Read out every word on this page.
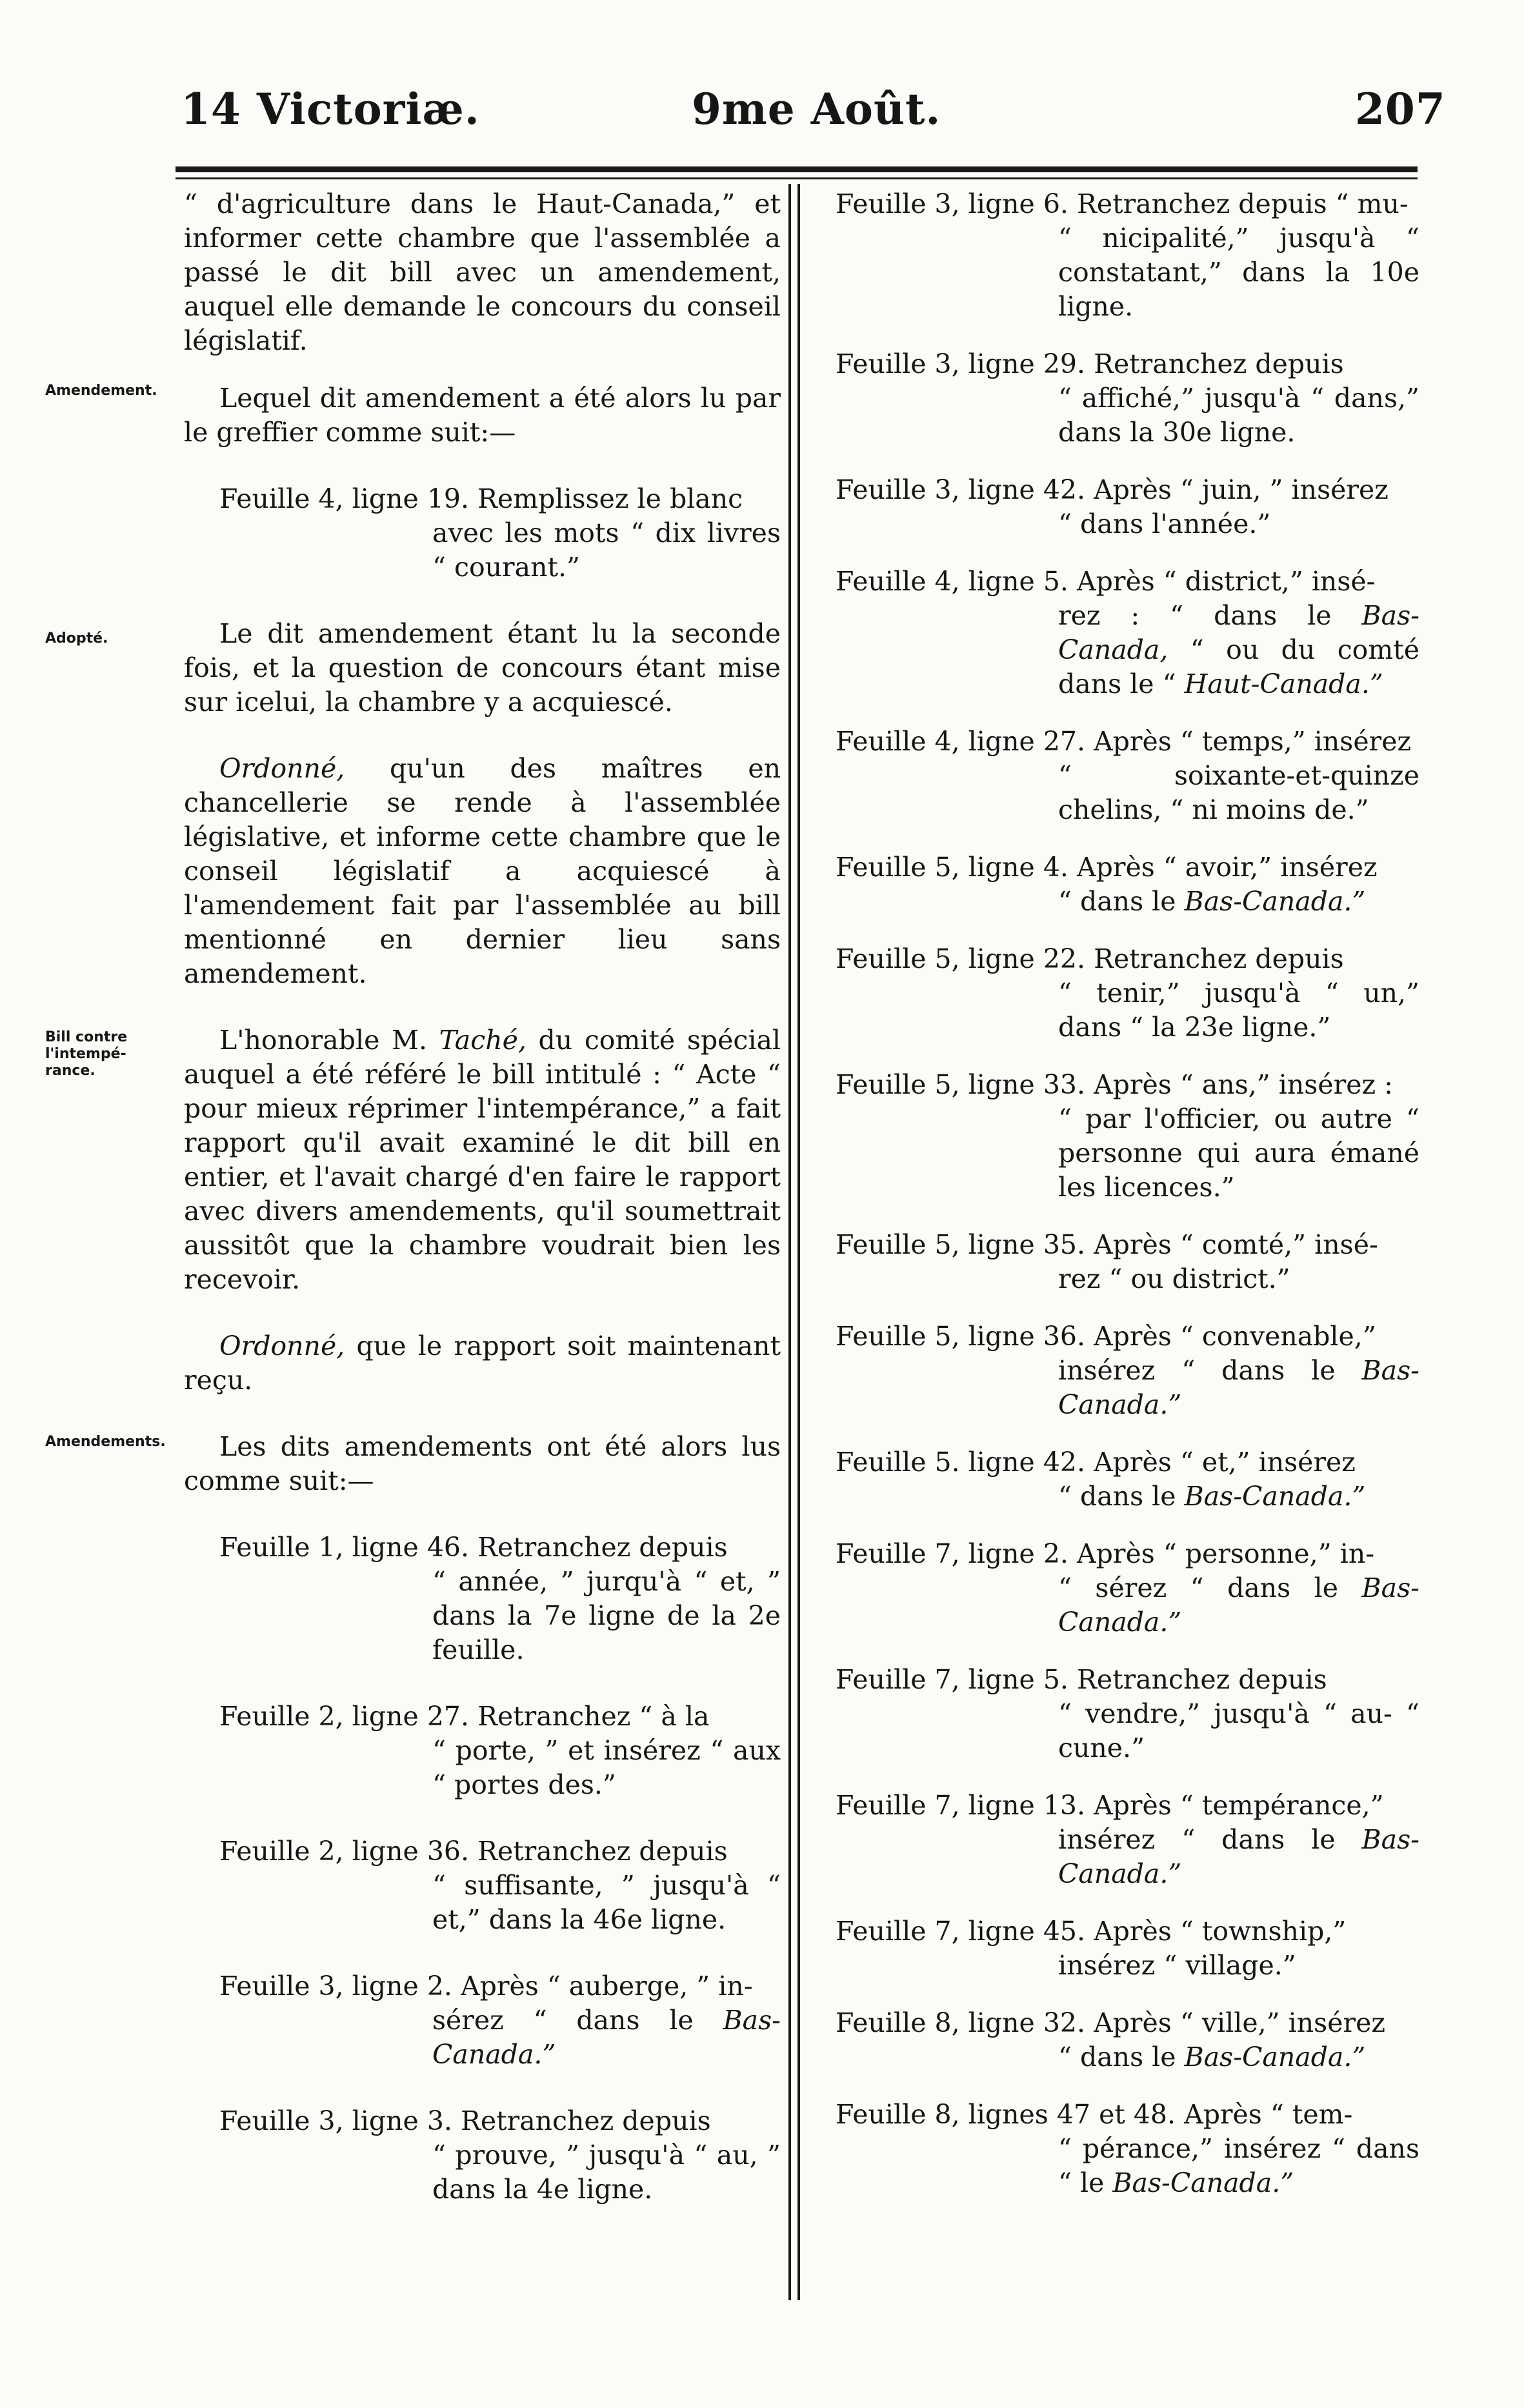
14 Victoriæ.	9me Août.	207
Amendement.
Adopté.
Bill contre l'intempé-rance.
Amendements.

“ d'agriculture dans le Haut-Canada,” et informer cette chambre que l'assemblée a passé le dit bill avec un amendement, auquel elle demande le concours du conseil législatif.

Lequel dit amendement a été alors lu par le greffier comme suit:—

Feuille 4, ligne 19. Remplissez le blanc
avec les mots “ dix livres “ courant.”

Le dit amendement étant lu la seconde fois, et la question de concours étant mise sur icelui, la chambre y a acquiescé.

Ordonné, qu'un des maîtres en chancellerie se rende à l'assemblée législative, et informe cette chambre que le conseil législatif a acquiescé à l'amendement fait par l'assemblée au bill mentionné en dernier lieu sans amendement.

L'honorable M. Taché, du comité spécial auquel a été référé le bill intitulé : “ Acte “ pour mieux réprimer l'intempérance,” a fait rapport qu'il avait examiné le dit bill en entier, et l'avait chargé d'en faire le rapport avec divers amendements, qu'il soumettrait aussitôt que la chambre voudrait bien les recevoir.

Ordonné, que le rapport soit maintenant reçu.

Les dits amendements ont été alors lus comme suit:—

Feuille 1, ligne 46. Retranchez depuis
“ année, ” jurqu'à “ et, ” dans la 7e ligne de la 2e feuille.
Feuille 2, ligne 27. Retranchez “ à la
“ porte, ” et insérez “ aux “ portes des.”
Feuille 2, ligne 36. Retranchez depuis
“ suffisante, ” jusqu'à “ et,” dans la 46e ligne.
Feuille 3, ligne 2. Après “ auberge, ” in-
sérez “ dans le Bas-Canada.”
Feuille 3, ligne 3. Retranchez depuis
“ prouve, ” jusqu'à “ au, ” dans la 4e ligne.
Feuille 3, ligne 6. Retranchez depuis “ mu-
“ nicipalité,” jusqu'à “ constatant,” dans la 10e ligne.
Feuille 3, ligne 29. Retranchez depuis
“ affiché,” jusqu'à “ dans,” dans la 30e ligne.
Feuille 3, ligne 42. Après “ juin, ” insérez
“ dans l'année.”
Feuille 4, ligne 5. Après “ district,” insé-
rez : “ dans le Bas-Canada, “ ou du comté dans le “ Haut-Canada.”
Feuille 4, ligne 27. Après “ temps,” insérez
“ soixante-et-quinze chelins, “ ni moins de.”
Feuille 5, ligne 4. Après “ avoir,” insérez
“ dans le Bas-Canada.”
Feuille 5, ligne 22. Retranchez depuis
“ tenir,” jusqu'à “ un,” dans “ la 23e ligne.”
Feuille 5, ligne 33. Après “ ans,” insérez :
“ par l'officier, ou autre “ personne qui aura émané les licences.”
Feuille 5, ligne 35. Après “ comté,” insé-
rez “ ou district.”
Feuille 5, ligne 36. Après “ convenable,”
insérez “ dans le Bas-Canada.”
Feuille 5. ligne 42. Après “ et,” insérez
“ dans le Bas-Canada.”
Feuille 7, ligne 2. Après “ personne,” in-
“ sérez “ dans le Bas-Canada.”
Feuille 7, ligne 5. Retranchez depuis
“ vendre,” jusqu'à “ au- “ cune.”
Feuille 7, ligne 13. Après “ tempérance,”
insérez “ dans le Bas-Canada.”
Feuille 7, ligne 45. Après “ township,”
insérez “ village.”
Feuille 8, ligne 32. Après “ ville,” insérez
“ dans le Bas-Canada.”
Feuille 8, lignes 47 et 48. Après “ tem-
“ pérance,” insérez “ dans “ le Bas-Canada.”
